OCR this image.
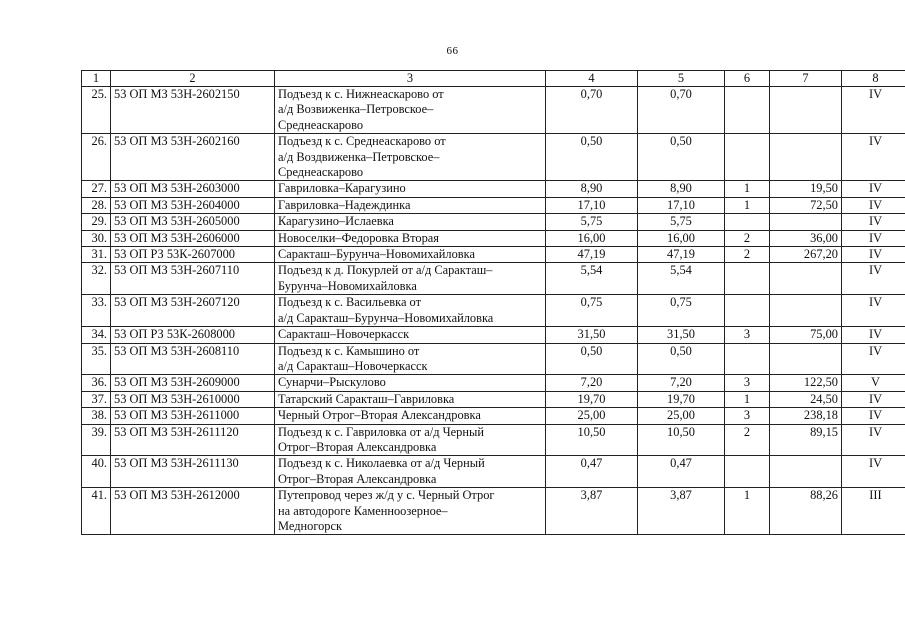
66
1	2	3	4	5	6	7	8
25.	53 ОП МЗ 53Н-2602150	Подъезд к с. Нижнеаскарово от
а/д Возвиженка–Петровское–
Среднеаскарово	0,70	0,70			IV
26.	53 ОП МЗ 53Н-2602160	Подъезд к с. Среднеаскарово от
а/д Воздвиженка–Петровское–
Среднеаскарово	0,50	0,50			IV
27.	53 ОП МЗ 53Н-2603000	Гавриловка–Карагузино	8,90	8,90	1	19,50	IV
28.	53 ОП МЗ 53Н-2604000	Гавриловка–Надеждинка	17,10	17,10	1	72,50	IV
29.	53 ОП МЗ 53Н-2605000	Карагузино–Ислаевка	5,75	5,75			IV
30.	53 ОП МЗ 53Н-2606000	Новоселки–Федоровка Вторая	16,00	16,00	2	36,00	IV
31.	53 ОП РЗ 53К-2607000	Саракташ–Бурунча–Новомихайловка	47,19	47,19	2	267,20	IV
32.	53 ОП МЗ 53Н-2607110	Подъезд к д. Покурлей от а/д Саракташ–
Бурунча–Новомихайловка	5,54	5,54			IV
33.	53 ОП МЗ 53Н-2607120	Подъезд к с. Васильевка от
а/д Саракташ–Бурунча–Новомихайловка	0,75	0,75			IV
34.	53 ОП РЗ 53К-2608000	Саракташ–Новочеркасск	31,50	31,50	3	75,00	IV
35.	53 ОП МЗ 53Н-2608110	Подъезд к с. Камышино от
а/д Саракташ–Новочеркасск	0,50	0,50			IV
36.	53 ОП МЗ 53Н-2609000	Сунарчи–Рыскулово	7,20	7,20	3	122,50	V
37.	53 ОП МЗ 53Н-2610000	Татарский Саракташ–Гавриловка	19,70	19,70	1	24,50	IV
38.	53 ОП МЗ 53Н-2611000	Черный Отрог–Вторая Александровка	25,00	25,00	3	238,18	IV
39.	53 ОП МЗ 53Н-2611120	Подъезд к с. Гавриловка от а/д Черный
Отрог–Вторая Александровка	10,50	10,50	2	89,15	IV
40.	53 ОП МЗ 53Н-2611130	Подъезд к с. Николаевка от а/д Черный
Отрог–Вторая Александровка	0,47	0,47			IV
41.	53 ОП МЗ 53Н-2612000	Путепровод через ж/д у с. Черный Отрог
на автодороге Каменноозерное–
Медногорск	3,87	3,87	1	88,26	III
